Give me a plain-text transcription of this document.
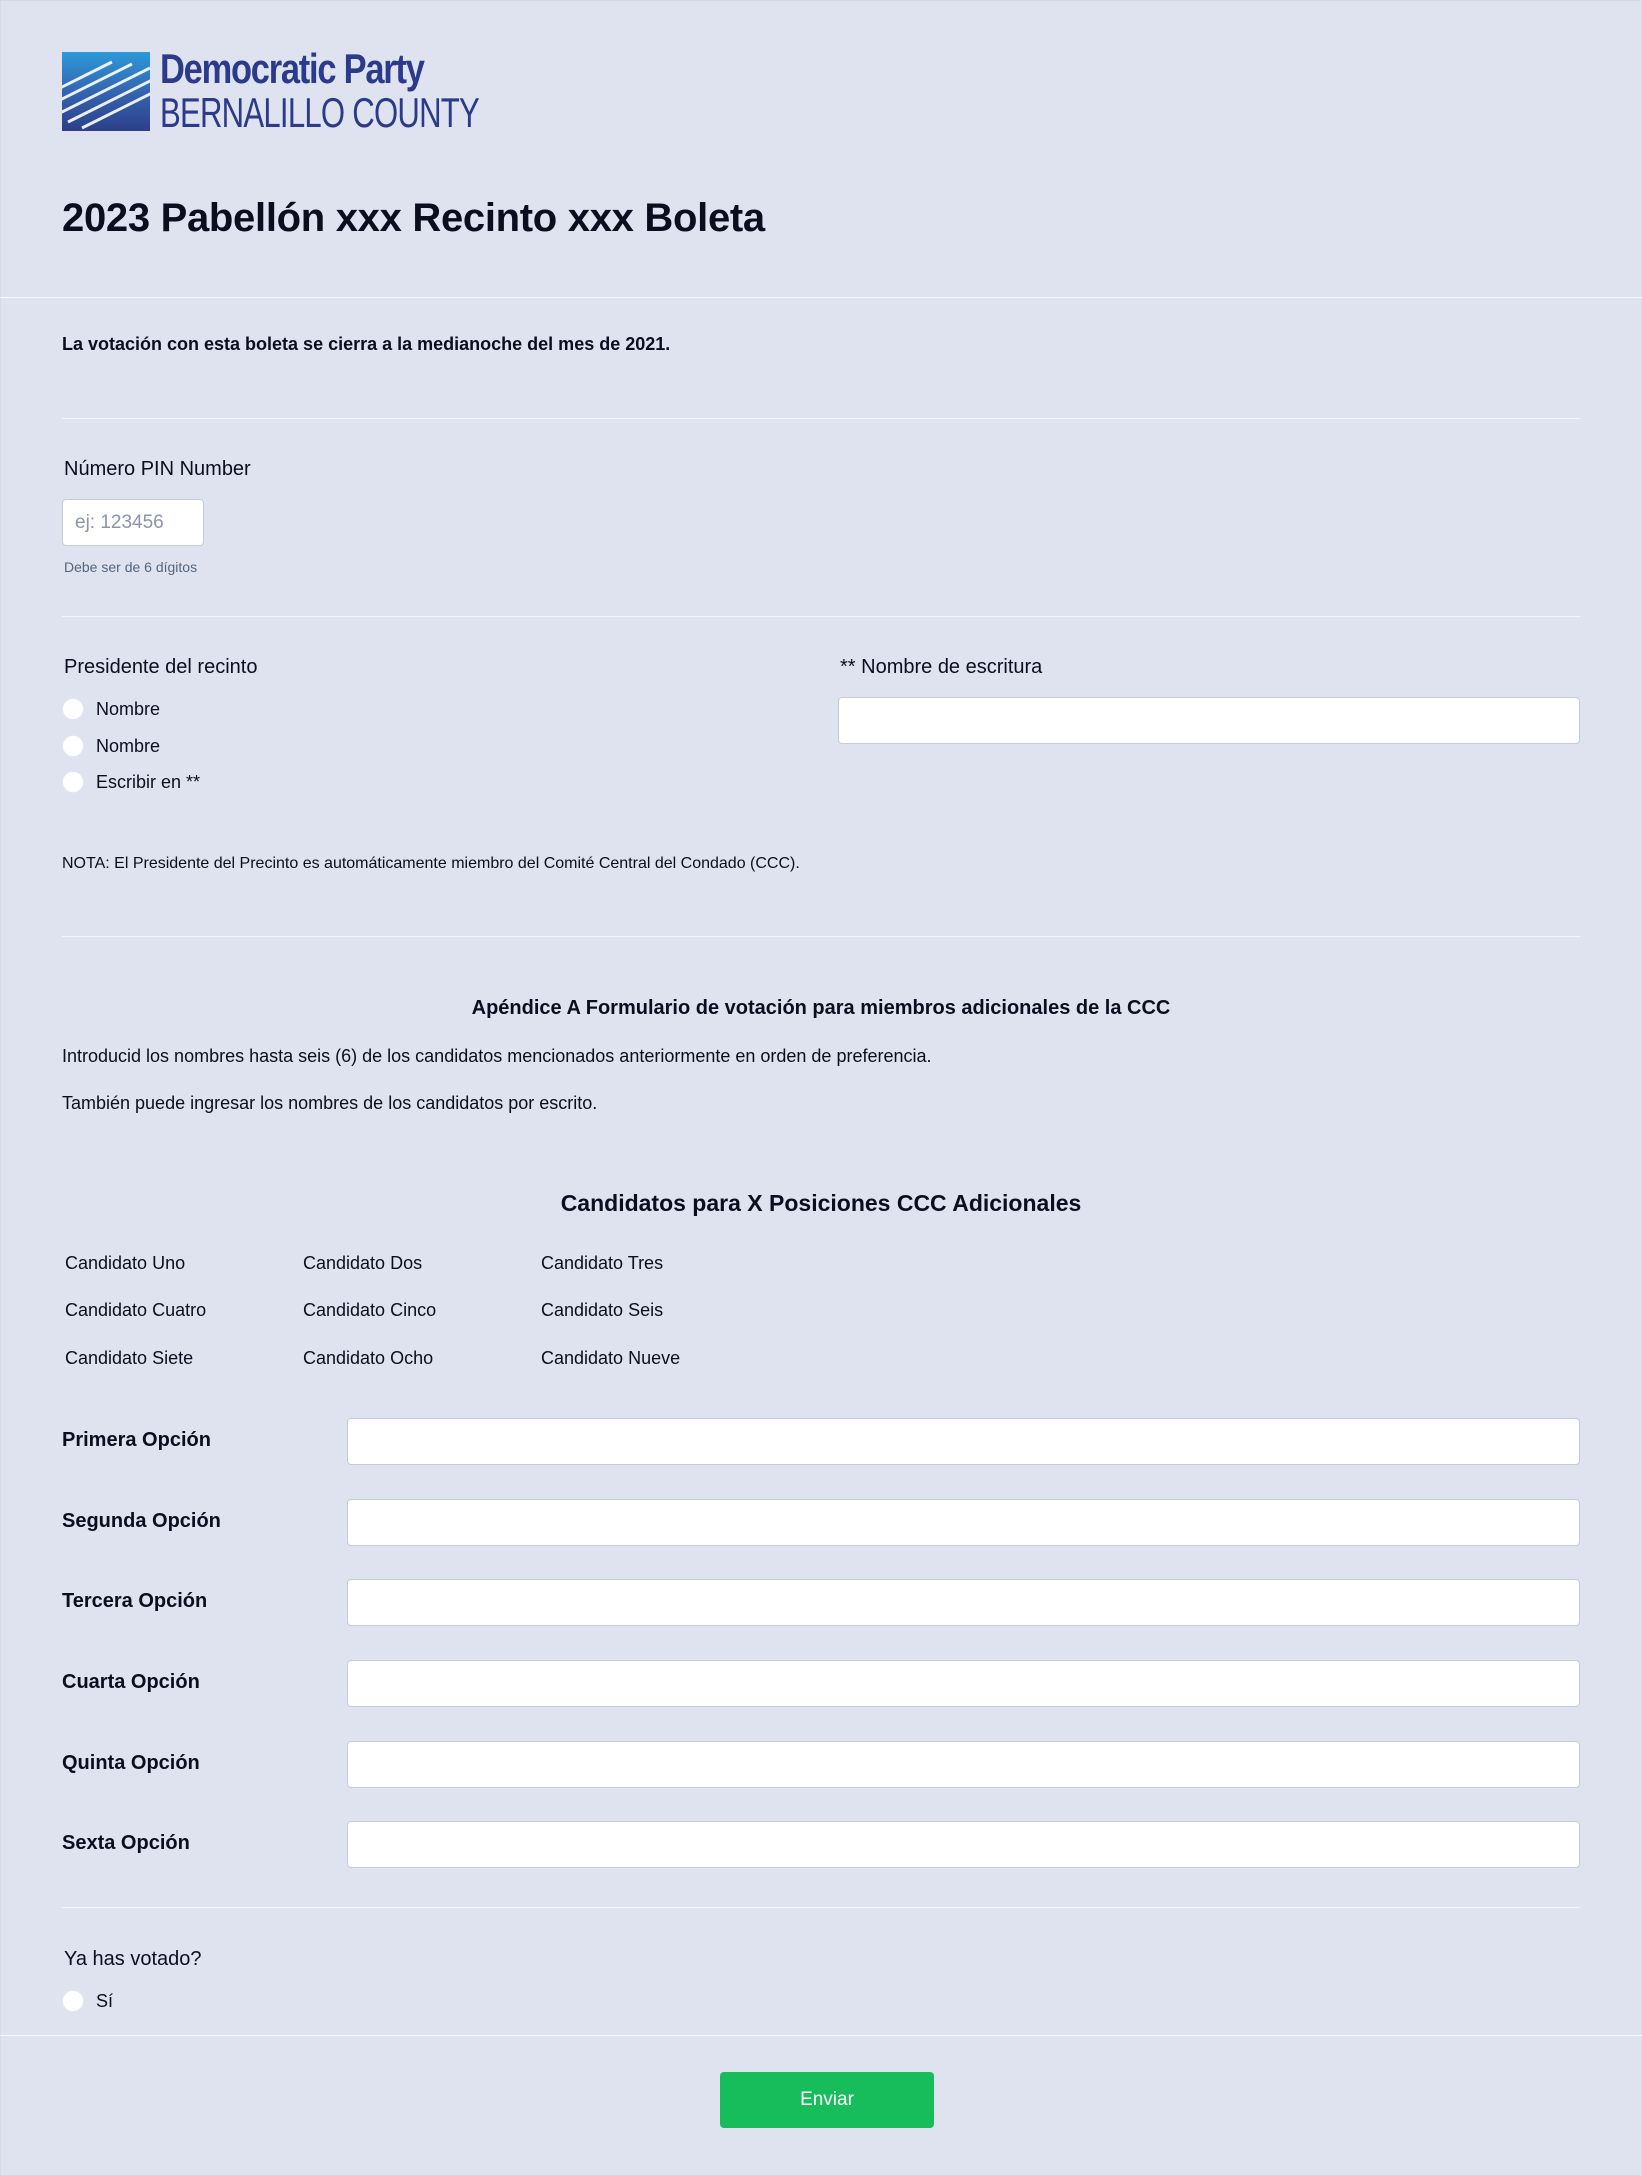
Democratic Party
BERNALILLO COUNTY
2023 Pabellón xxx Recinto xxx Boleta
La votación con esta boleta se cierra a la medianoche del mes de 2021.
Número PIN Number
ej: 123456
Debe ser de 6 dígitos
Presidente del recinto
Nombre
Nombre
Escribir en **
** Nombre de escritura
NOTA: El Presidente del Precinto es automáticamente miembro del Comité Central del Condado (CCC).
Apéndice A Formulario de votación para miembros adicionales de la CCC
Introducid los nombres hasta seis (6) de los candidatos mencionados anteriormente en orden de preferencia.
También puede ingresar los nombres de los candidatos por escrito.
Candidatos para X Posiciones CCC Adicionales
Candidato Uno	Candidato Dos	Candidato Tres
Candidato Cuatro	Candidato Cinco	Candidato Seis
Candidato Siete	Candidato Ocho	Candidato Nueve
Primera Opción
Segunda Opción
Tercera Opción
Cuarta Opción
Quinta Opción
Sexta Opción
Ya has votado?
Sí
Enviar
